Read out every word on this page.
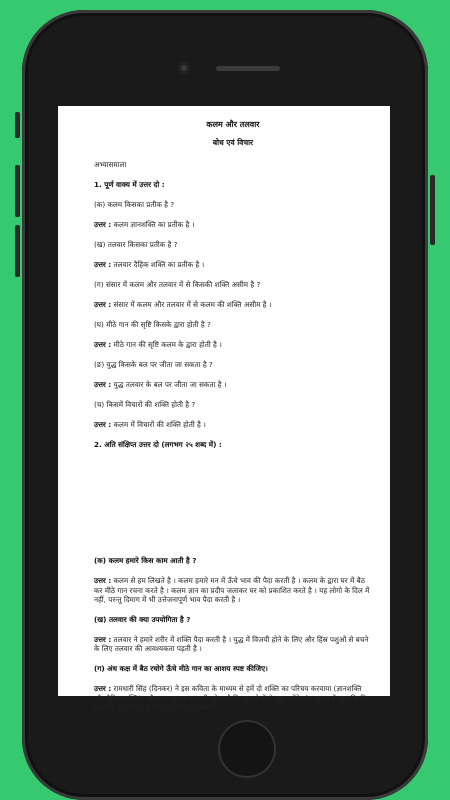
कलम और तलवार
बोध एवं विचार
अभ्यासमाला
1. पूर्ण वाक्य में उत्तर दो :
(क) कलम किसका प्रतीक है ?
उत्तर : कलम ज्ञानशक्ति का प्रतीक है ।
(ख) तलवार किसका प्रतीक है ?
उत्तर : तलवार दैहिक शक्ति का प्रतीक है ।
(ग) संसार में कलम और तलवार में से किसकी शक्ति असीम है ?
उत्तर : संसार में कलम और तलवार में से कलम की शक्ति असीम है ।
(घ) मीठे गान की सृष्टि किसके द्वारा होती है ?
उत्तर : मीठे गान की सृष्टि कलम के द्वारा होती है ।
(ङ) युद्ध किसके बल पर जीता जा सकता है ?
उत्तर : युद्ध तलवार के बल पर जीता जा सकता है ।
(च) किसमें विचारों की शक्ति होती है ?
उत्तर : कलम में विचारों की शक्ति होती है ।
2. अति संक्षिप्त उत्तर दो (लगभग २५ शब्द में) :
(क) कलम हमारे किस काम आती है ?
उत्तर : कलम से हम लिखते है । कलम हमारे मन में ऊँचे भाव की पैदा करती है । कलम के द्वारा घर में बैठ कर मीठे गान रचना करते है । कलम ज्ञान का प्रदीप जलाकर घर को प्रकाशित करते है । यह लोगो के दिल में नहीं, परन्तु दिमाग में भी उत्तेजनापूर्ण भाव पैदा करती है ।
(ख) तलवार की क्या उपयोगिता है ?
उत्तर : तलवार ने हमारे शरीर में शक्ति पैदा करती है । युद्ध में विजयी होने के लिए और हिंस्र पशुओं से बचने के लिए तलवार की आवश्यकता पड़ती है ।
(ग) अंध कक्ष में बैठ रचोगे ऊँचे मीठे गान का आशय स्पष्ट कीजिए।
उत्तर : रामधारी सिंह (दिनकर) ने इस कविता के माध्यम से हमें दो शक्ति का परिचय करवाया (ज्ञानशक्ति और दैहिक शक्ति)। और इस आशय का यही उद्देश्य है कि हम दो में से क्या चुनेंगे-अंध कमरा में ज्ञान कि दिप जलाएंगे या तलवार से दैहिक शक्ति का प्रचारण
